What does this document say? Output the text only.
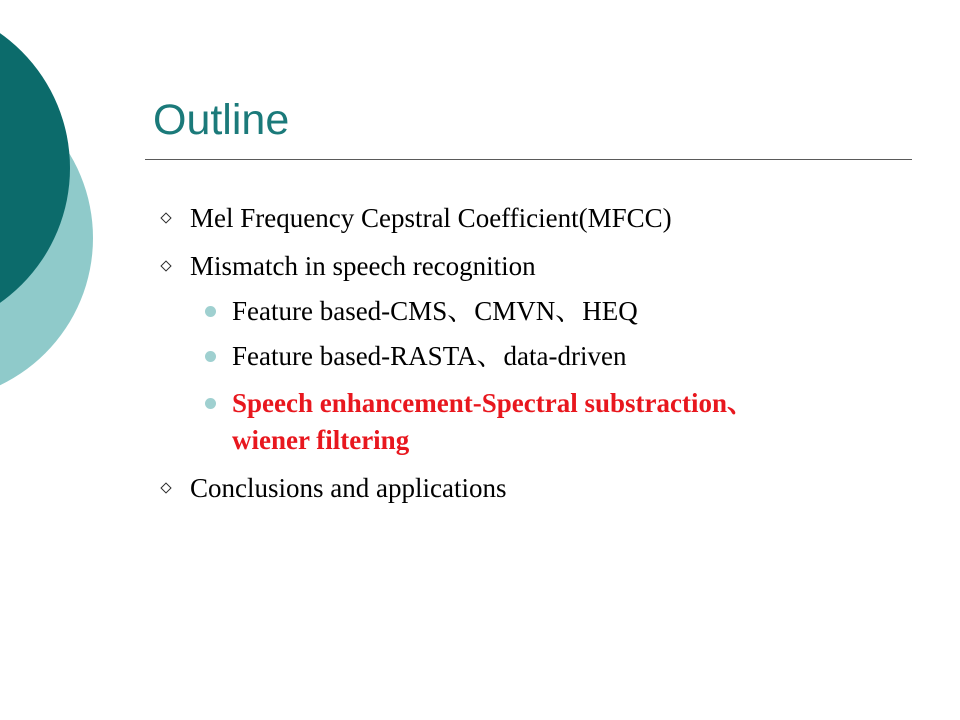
Outline
Mel Frequency Cepstral Coefficient(MFCC)
Mismatch in speech recognition
Feature based-CMS、CMVN、HEQ
Feature based-RASTA、data-driven
Speech enhancement-Spectral substraction、
wiener filtering
Conclusions and applications
